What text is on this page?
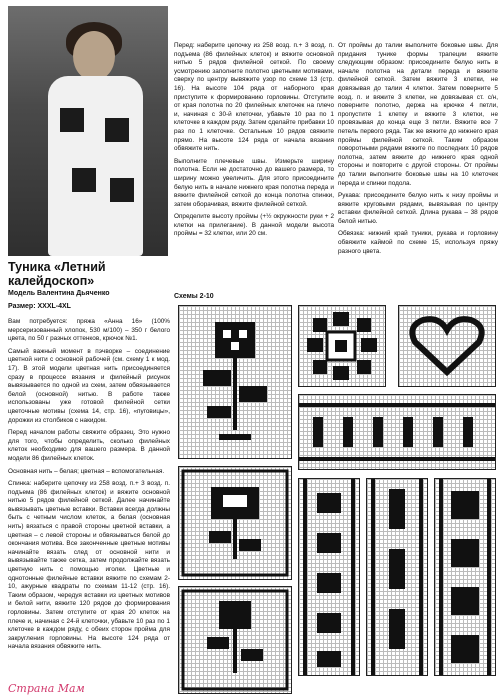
Туника «Летний калейдоскоп»
Модель Валентина Дьяченко
Размер: XXXL-4XL

Вам потребуется: пряжа «Анна 16» (100% мерсеризованный хлопок, 530 м/100) – 350 г белого цвета, по 50 г разных оттенков, крючок №1.

Самый важный момент в пэчворке – соединение цветной нити с основной рабочей (см. схему 1 к мод. 17). В этой модели цветная нить присоединяется сразу в процессе вязания и филейный рисунок вывязывается по одной из схем, затем обвязывается белой (основной) нитью. В работе также использованы уже готовой филейной сетки цветочные мотивы (схема 14, стр. 16), «пуговицы», дорожки из столбиков с накидом.

Перед началом работы свяжите образец. Это нужно для того, чтобы определить, сколько филейных клеток необходимо для вашего размера. В данной модели 86 филейных клеток.

Основная нить – белая; цветная – вспомогательная.

Спинка: наберите цепочку из 258 возд. п.+ 3 возд. п. подъема (86 филейных клеток) и вяжите основной нитью 5 рядов филейной сеткой. Далее начинайте вывязывать цветные вставки. Вставки всегда должны быть с четным числом клеток, а белая (основная нить) вязаться с правой стороны цветной вставки, а цветная – с левой стороны и обвязываться белой до окончания мотива. Все законченные цветные мотивы начинайте вязать след от основной нити и вывязывайте также сетка, затем продолжайте вязать цветную нить с помощью иголки. Цветные и однотонные филейные вставки вяжите по схемам 2-10, ажурные квадраты по схемам 11-12 (стр. 16). Таким образом, чередуя вставки из цветных мотивов и белой нити, вяжите 120 рядов до формирования горловины. Затем отступите от края 20 клеток на плече и, начиная с 24-й клеточки, убавьте 10 раз по 1 клеточке в каждом ряду, с обеих сторон пройма для закругления горловины. На высоте 124 ряда от начала вязания обвяжите нить.

Перед: наберите цепочку из 258 возд. п.+ 3 возд. п. подъема (86 филейных клеток) и вяжите основной нитью 5 рядов филейной сеткой. По своему усмотрению заполните полотно цветными мотивами, сверху по центру вывяжите узор по схеме 13 (стр. 16). На высоте 104 ряда от наборного края приступите к формированию горловины. Отступите от края полотна по 20 филейных клеточек на плечо и, начиная с 30-й клеточки, убавьте 10 раз по 1 клеточке в каждом ряду. Затем сделайте прибавки 10 раз по 1 клеточке. Остальные 10 рядов свяжите прямо. На высоте 124 ряда от начала вязания обвяжите нить.

Выполните плечевые швы. Измерьте ширину полотна. Если не достаточно до вашего размера, то ширину можно увеличить. Для этого присоедините белую нить в начале нижнего края полотна переда и вяжите филейной сеткой до конца полотна спинки, затем оборачивая, вяжите филейной сеткой.

Определите высоту проймы (+½ окружности руки + 2 клетки на прилегание). В данной модели высота проймы = 32 клетки, или 20 см.

От проймы до талии выполните боковые швы. Для придания тунике формы трапеции вяжите следующим образом: присоедините белую нить в начале полотна на детали переда и вяжите филейной сеткой. Затем вяжите 3 клетки, не довязывая до талии 4 клетки. Затем поверните 5 возд. п. и вяжите 3 клетки, не довязывая ст. с/н, поверните полотно, держа на крючке 4 петли, пропустите 1 клетку и вяжите 3 клетки, не провязывая до конца еще 3 петли. Вяжите все 7 петель первого ряда. Так же вяжите до нижнего края проймы филейной сеткой. Таким образом поворотными рядами вяжите по последних 10 рядов полотна, затем вяжите до нижнего края одной стороны и повторите с другой стороны. От проймы до талии выполните боковые швы на 10 клеточек переда и спинки подола.

Рукава: присоедините белую нить к низу проймы и вяжите круговыми рядами, вывязывая по центру вставки филейной сеткой. Длина рукава – 38 рядов белой нитью.

Обвязка: нижний край туники, рукава и горловину обвяжите каймой по схеме 15, используя пряжу разного цвета.

Схемы 2-10
Страна Мам
